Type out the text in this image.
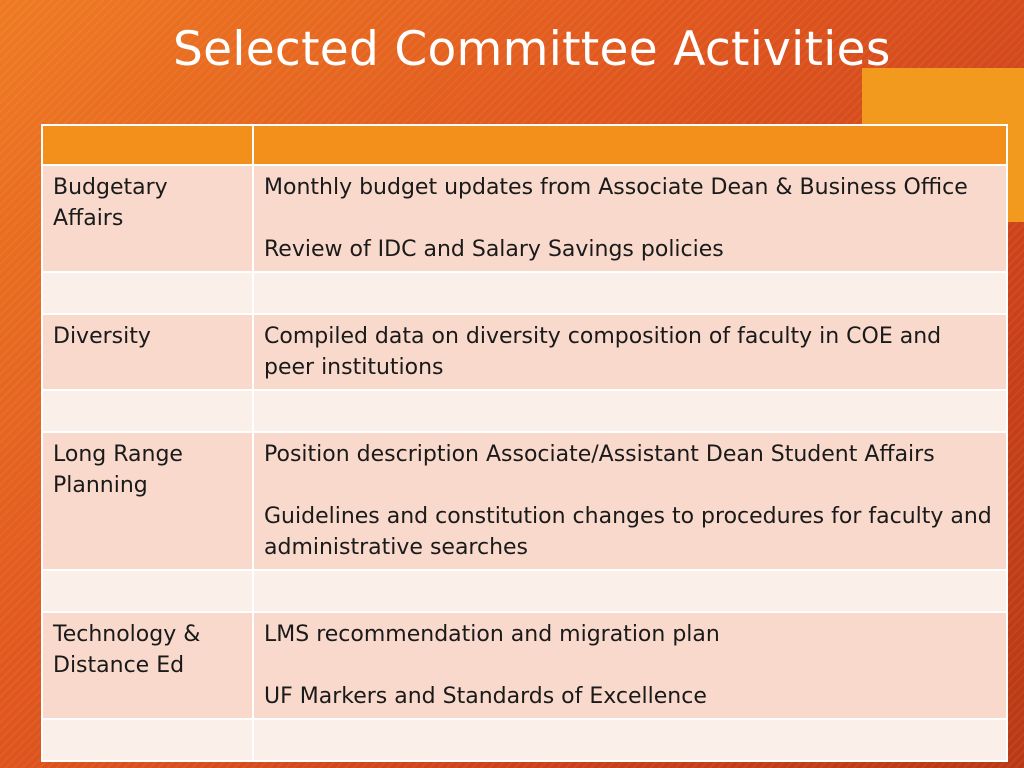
Selected Committee Activities

Budgetary Affairs	Monthly budget updates from Associate Dean & Business Office

Review of IDC and Salary Savings policies

Diversity	Compiled data on diversity composition of faculty in COE and peer institutions

Long Range Planning	Position description Associate/Assistant Dean Student Affairs

Guidelines and constitution changes to procedures for faculty and administrative searches

Technology & Distance Ed	LMS recommendation and migration plan

UF Markers and Standards of Excellence
